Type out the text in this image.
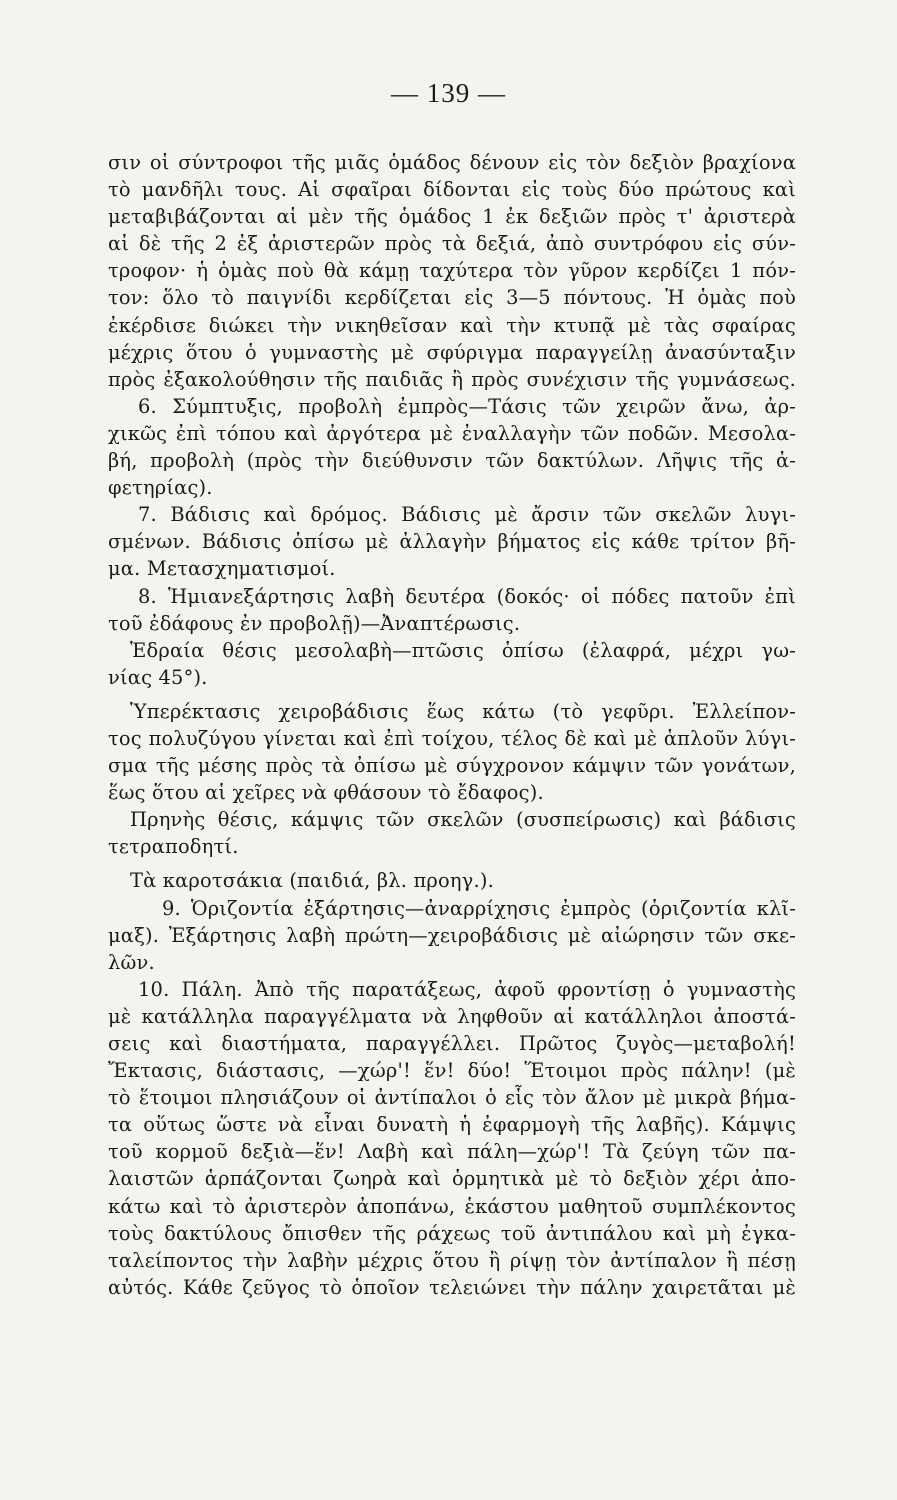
— 139 —
σιν οἱ σύντροφοι τῆς μιᾶς ὁμάδος δένουν εἰς τὸν δεξιὸν βραχίονα
τὸ μανδῆλι τους. Αἱ σφαῖραι δίδονται εἰς τοὺς δύο πρώτους καὶ
μεταβιβάζονται αἱ μὲν τῆς ὁμάδος 1 ἐκ δεξιῶν πρὸς τ' ἀριστερὰ
αἱ δὲ τῆς 2 ἐξ ἀριστερῶν πρὸς τὰ δεξιά, ἀπὸ συντρόφου εἰς σύν-
τροφον· ἡ ὁμὰς ποὺ θὰ κάμῃ ταχύτερα τὸν γῦρον κερδίζει 1 πόν-
τον: ὅλο τὸ παιγνίδι κερδίζεται εἰς 3—5 πόντους. Ἡ ὁμὰς ποὺ
ἐκέρδισε διώκει τὴν νικηθεῖσαν καὶ τὴν κτυπᾷ μὲ τὰς σφαίρας
μέχρις ὅτου ὁ γυμναστὴς μὲ σφύριγμα παραγγείλῃ ἀνασύνταξιν
πρὸς ἐξακολούθησιν τῆς παιδιᾶς ἢ πρὸς συνέχισιν τῆς γυμνάσεως.
6. Σύμπτυξις, προβολὴ ἐμπρὸς—Τάσις τῶν χειρῶν ἄνω, ἀρ-
χικῶς ἐπὶ τόπου καὶ ἀργότερα μὲ ἐναλλαγὴν τῶν ποδῶν. Μεσολα-
βή, προβολὴ (πρὸς τὴν διεύθυνσιν τῶν δακτύλων. Λῆψις τῆς ἀ-
φετηρίας).
7. Βάδισις καὶ δρόμος. Βάδισις μὲ ἄρσιν τῶν σκελῶν λυγι-
σμένων. Βάδισις ὀπίσω μὲ ἀλλαγὴν βήματος εἰς κάθε τρίτον βῆ-
μα. Μετασχηματισμοί.
8. Ἡμιανεξάρτησις λαβὴ δευτέρα (δοκός· οἱ πόδες πατοῦν ἐπὶ
τοῦ ἐδάφους ἐν προβολῇ)—Ἀναπτέρωσις.
Ἑδραία θέσις μεσολαβὴ—πτῶσις ὀπίσω (ἐλαφρά, μέχρι γω-
νίας 45°).
Ὑπερέκτασις χειροβάδισις ἕως κάτω (τὸ γεφῦρι. Ἐλλείπον-
τος πολυζύγου γίνεται καὶ ἐπὶ τοίχου, τέλος δὲ καὶ μὲ ἁπλοῦν λύγι-
σμα τῆς μέσης πρὸς τὰ ὀπίσω μὲ σύγχρονον κάμψιν τῶν γονάτων,
ἕως ὅτου αἱ χεῖρες νὰ φθάσουν τὸ ἔδαφος).
Πρηνὴς θέσις, κάμψις τῶν σκελῶν (συσπείρωσις) καὶ βάδισις
τετραποδητί.
Τὰ καροτσάκια (παιδιά, βλ. προηγ.).
9. Ὁριζοντία ἐξάρτησις—ἀναρρίχησις ἐμπρὸς (ὁριζοντία κλῖ-
μαξ). Ἐξάρτησις λαβὴ πρώτη—χειροβάδισις μὲ αἰώρησιν τῶν σκε-
λῶν.
10. Πάλη. Ἀπὸ τῆς παρατάξεως, ἀφοῦ φροντίσῃ ὁ γυμναστὴς
μὲ κατάλληλα παραγγέλματα νὰ ληφθοῦν αἱ κατάλληλοι ἀποστά-
σεις καὶ διαστήματα, παραγγέλλει. Πρῶτος ζυγὸς—μεταβολή!
Ἔκτασις, διάστασις, —χώρ'! ἕν! δύο! Ἕτοιμοι πρὸς πάλην! (μὲ
τὸ ἕτοιμοι πλησιάζουν οἱ ἀντίπαλοι ὁ εἷς τὸν ἄλον μὲ μικρὰ βήμα-
τα οὕτως ὥστε νὰ εἶναι δυνατὴ ἡ ἐφαρμογὴ τῆς λαβῆς). Κάμψις
τοῦ κορμοῦ δεξιὰ—ἕν! Λαβὴ καὶ πάλη—χώρ'! Τὰ ζεύγη τῶν πα-
λαιστῶν ἁρπάζονται ζωηρὰ καὶ ὁρμητικὰ μὲ τὸ δεξιὸν χέρι ἀπο-
κάτω καὶ τὸ ἀριστερὸν ἀποπάνω, ἑκάστου μαθητοῦ συμπλέκοντος
τοὺς δακτύλους ὄπισθεν τῆς ράχεως τοῦ ἀντιπάλου καὶ μὴ ἐγκα-
ταλείποντος τὴν λαβὴν μέχρις ὅτου ἢ ρίψῃ τὸν ἀντίπαλον ἢ πέσῃ
αὐτός. Κάθε ζεῦγος τὸ ὁποῖον τελειώνει τὴν πάλην χαιρετᾶται μὲ
